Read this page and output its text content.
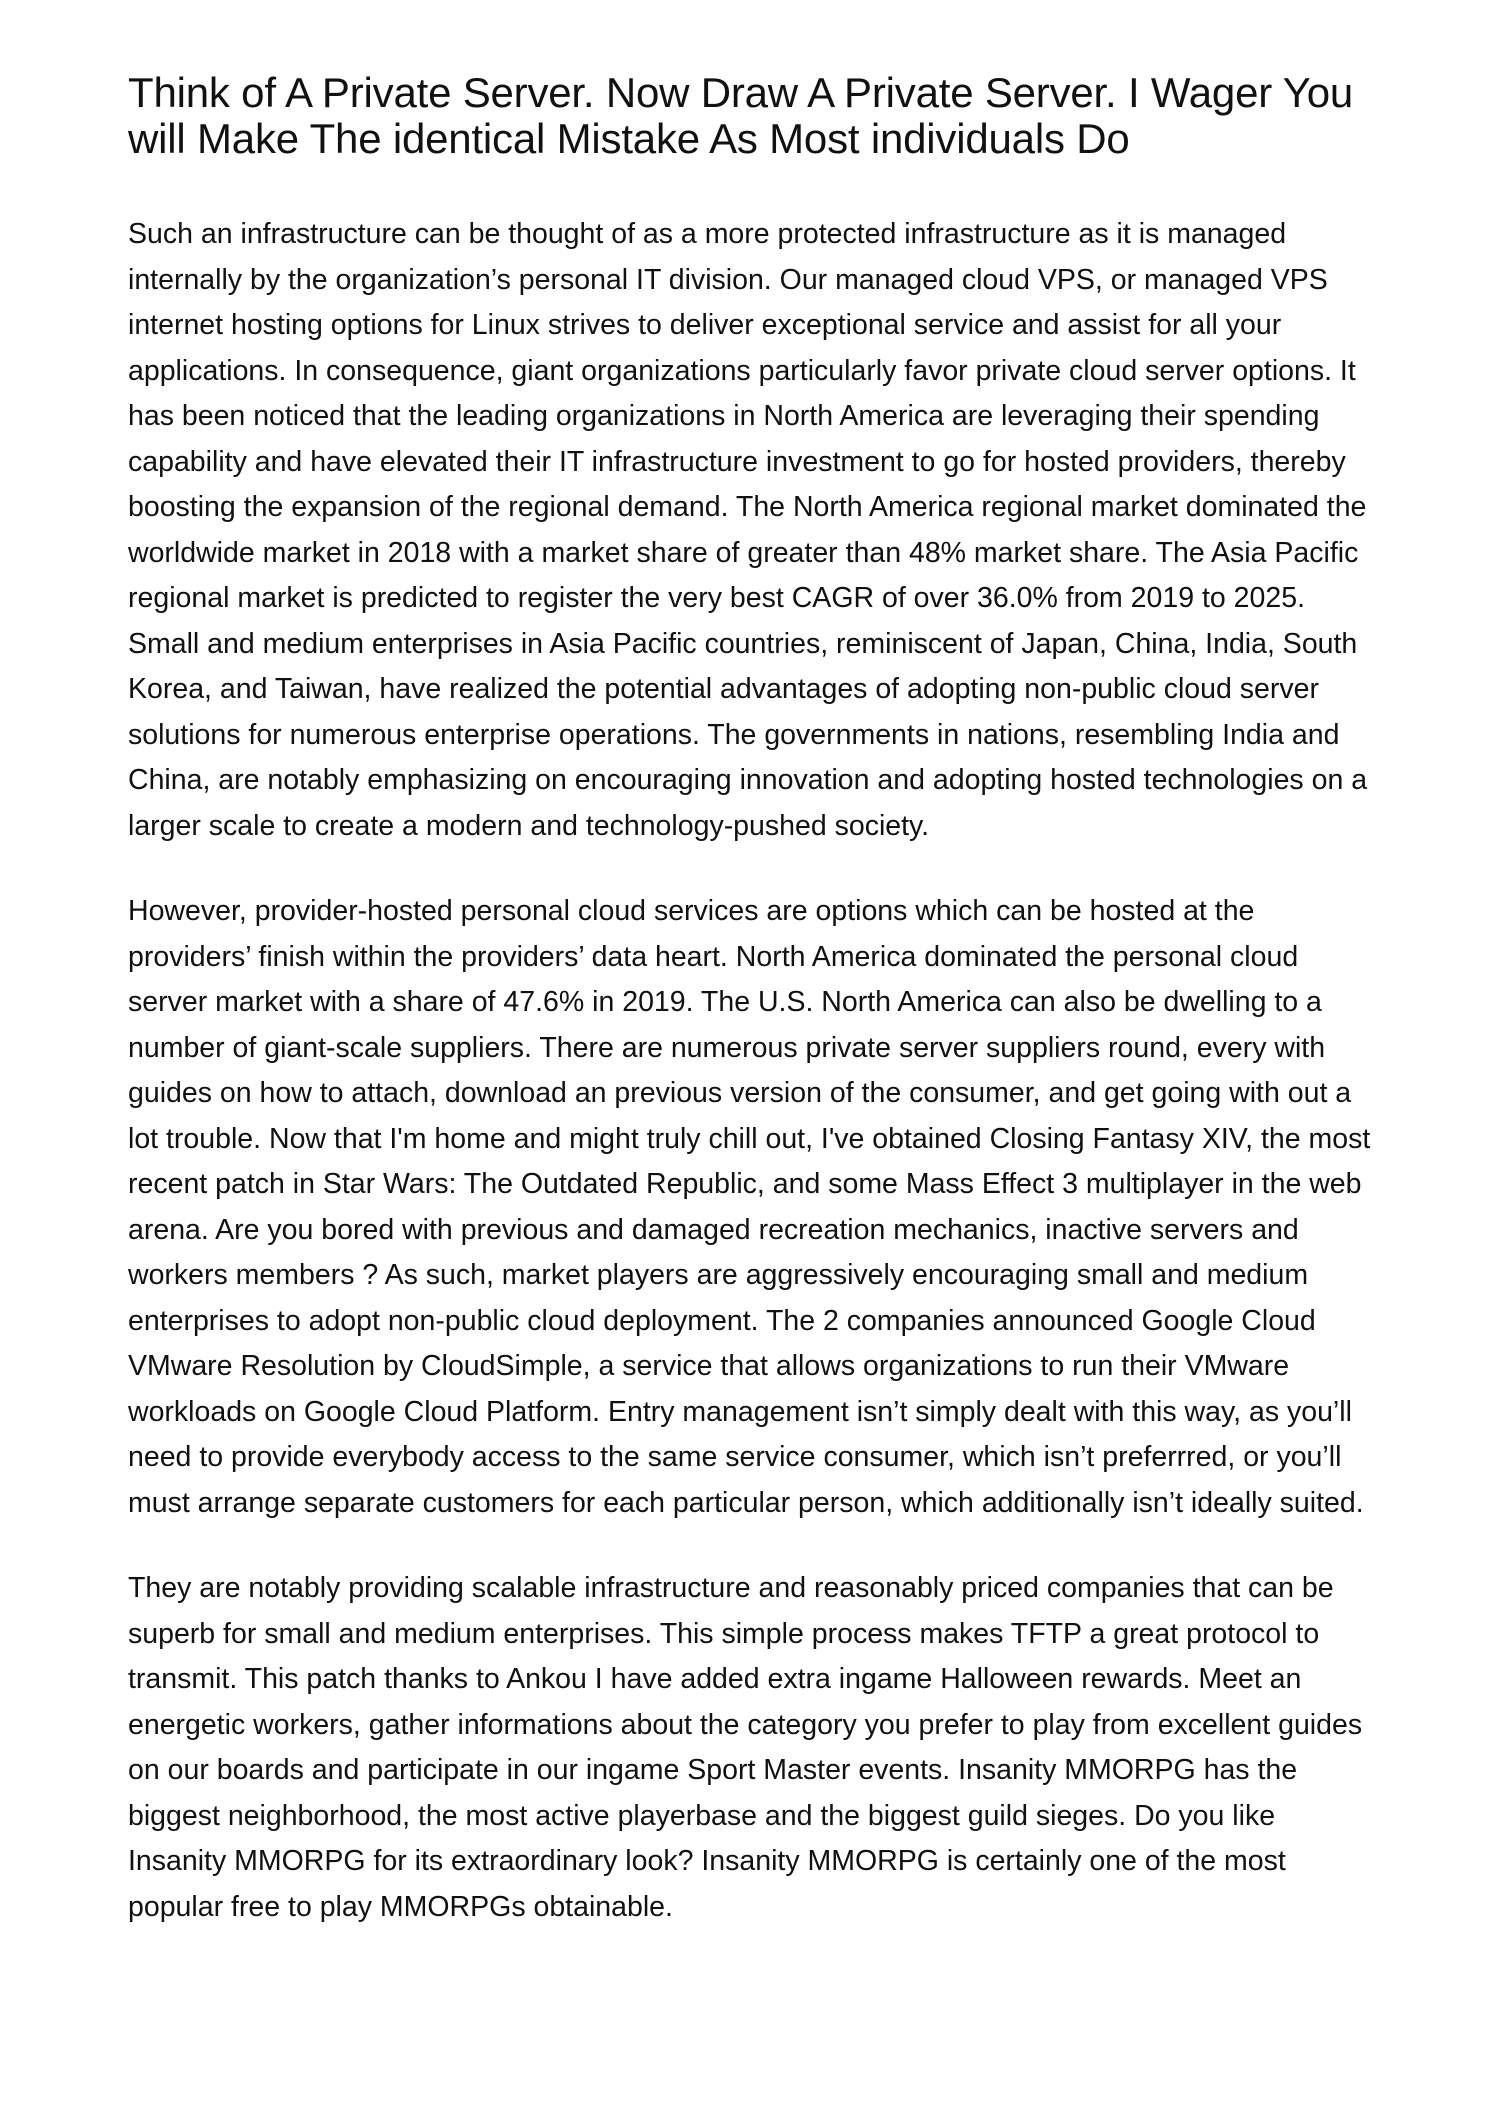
Think of A Private Server. Now Draw A Private Server. I Wager You will Make The identical Mistake As Most individuals Do

Such an infrastructure can be thought of as a more protected infrastructure as it is managed internally by the organization’s personal IT division. Our managed cloud VPS, or managed VPS internet hosting options for Linux strives to deliver exceptional service and assist for all your applications. In consequence, giant organizations particularly favor private cloud server options. It has been noticed that the leading organizations in North America are leveraging their spending capability and have elevated their IT infrastructure investment to go for hosted providers, thereby boosting the expansion of the regional demand. The North America regional market dominated the worldwide market in 2018 with a market share of greater than 48% market share. The Asia Pacific regional market is predicted to register the very best CAGR of over 36.0% from 2019 to 2025. Small and medium enterprises in Asia Pacific countries, reminiscent of Japan, China, India, South Korea, and Taiwan, have realized the potential advantages of adopting non-public cloud server solutions for numerous enterprise operations. The governments in nations, resembling India and China, are notably emphasizing on encouraging innovation and adopting hosted technologies on a larger scale to create a modern and technology-pushed society.

However, provider-hosted personal cloud services are options which can be hosted at the providers’ finish within the providers’ data heart. North America dominated the personal cloud server market with a share of 47.6% in 2019. The U.S. North America can also be dwelling to a number of giant-scale suppliers. There are numerous private server suppliers round, every with guides on how to attach, download an previous version of the consumer, and get going with out a lot trouble. Now that I'm home and might truly chill out, I've obtained Closing Fantasy XIV, the most recent patch in Star Wars: The Outdated Republic, and some Mass Effect 3 multiplayer in the web arena. Are you bored with previous and damaged recreation mechanics, inactive servers and workers members ? As such, market players are aggressively encouraging small and medium enterprises to adopt non-public cloud deployment. The 2 companies announced Google Cloud VMware Resolution by CloudSimple, a service that allows organizations to run their VMware workloads on Google Cloud Platform. Entry management isn’t simply dealt with this way, as you’ll need to provide everybody access to the same service consumer, which isn’t preferrred, or you’ll must arrange separate customers for each particular person, which additionally isn’t ideally suited.

They are notably providing scalable infrastructure and reasonably priced companies that can be superb for small and medium enterprises. This simple process makes TFTP a great protocol to transmit. This patch thanks to Ankou I have added extra ingame Halloween rewards. Meet an energetic workers, gather informations about the category you prefer to play from excellent guides on our boards and participate in our ingame Sport Master events. Insanity MMORPG has the biggest neighborhood, the most active playerbase and the biggest guild sieges. Do you like Insanity MMORPG for its extraordinary look? Insanity MMORPG is certainly one of the most popular free to play MMORPGs obtainable.
